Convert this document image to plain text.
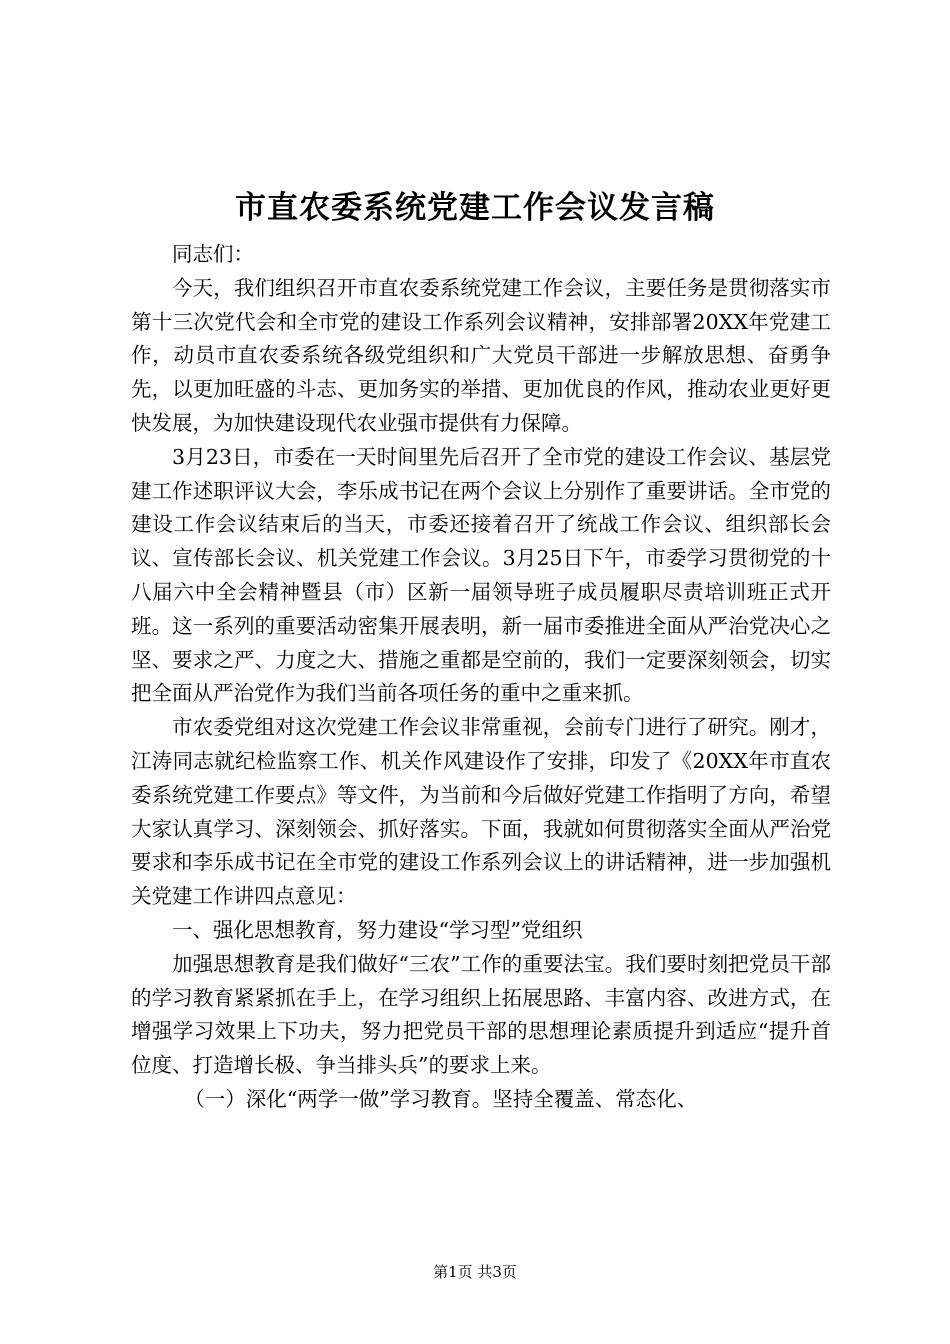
市直农委系统党建工作会议发言稿

同志们：

今天，我们组织召开市直农委系统党建工作会议，主要任务是贯彻落实市第十三次党代会和全市党的建设工作系列会议精神，安排部署20XX年党建工作，动员市直农委系统各级党组织和广大党员干部进一步解放思想、奋勇争先，以更加旺盛的斗志、更加务实的举措、更加优良的作风，推动农业更好更快发展，为加快建设现代农业强市提供有力保障。

3月23日，市委在一天时间里先后召开了全市党的建设工作会议、基层党建工作述职评议大会，李乐成书记在两个会议上分别作了重要讲话。全市党的建设工作会议结束后的当天，市委还接着召开了统战工作会议、组织部长会议、宣传部长会议、机关党建工作会议。3月25日下午，市委学习贯彻党的十八届六中全会精神暨县（市）区新一届领导班子成员履职尽责培训班正式开班。这一系列的重要活动密集开展表明，新一届市委推进全面从严治党决心之坚、要求之严、力度之大、措施之重都是空前的，我们一定要深刻领会，切实把全面从严治党作为我们当前各项任务的重中之重来抓。

市农委党组对这次党建工作会议非常重视，会前专门进行了研究。刚才，江涛同志就纪检监察工作、机关作风建设作了安排，印发了《20XX年市直农委系统党建工作要点》等文件，为当前和今后做好党建工作指明了方向，希望大家认真学习、深刻领会、抓好落实。下面，我就如何贯彻落实全面从严治党要求和李乐成书记在全市党的建设工作系列会议上的讲话精神，进一步加强机关党建工作讲四点意见：

一、强化思想教育，努力建设“学习型”党组织

加强思想教育是我们做好“三农”工作的重要法宝。我们要时刻把党员干部的学习教育紧紧抓在手上，在学习组织上拓展思路、丰富内容、改进方式，在增强学习效果上下功夫，努力把党员干部的思想理论素质提升到适应“提升首位度、打造增长极、争当排头兵”的要求上来。

（一）深化“两学一做”学习教育。坚持全覆盖、常态化、

第1页 共3页
